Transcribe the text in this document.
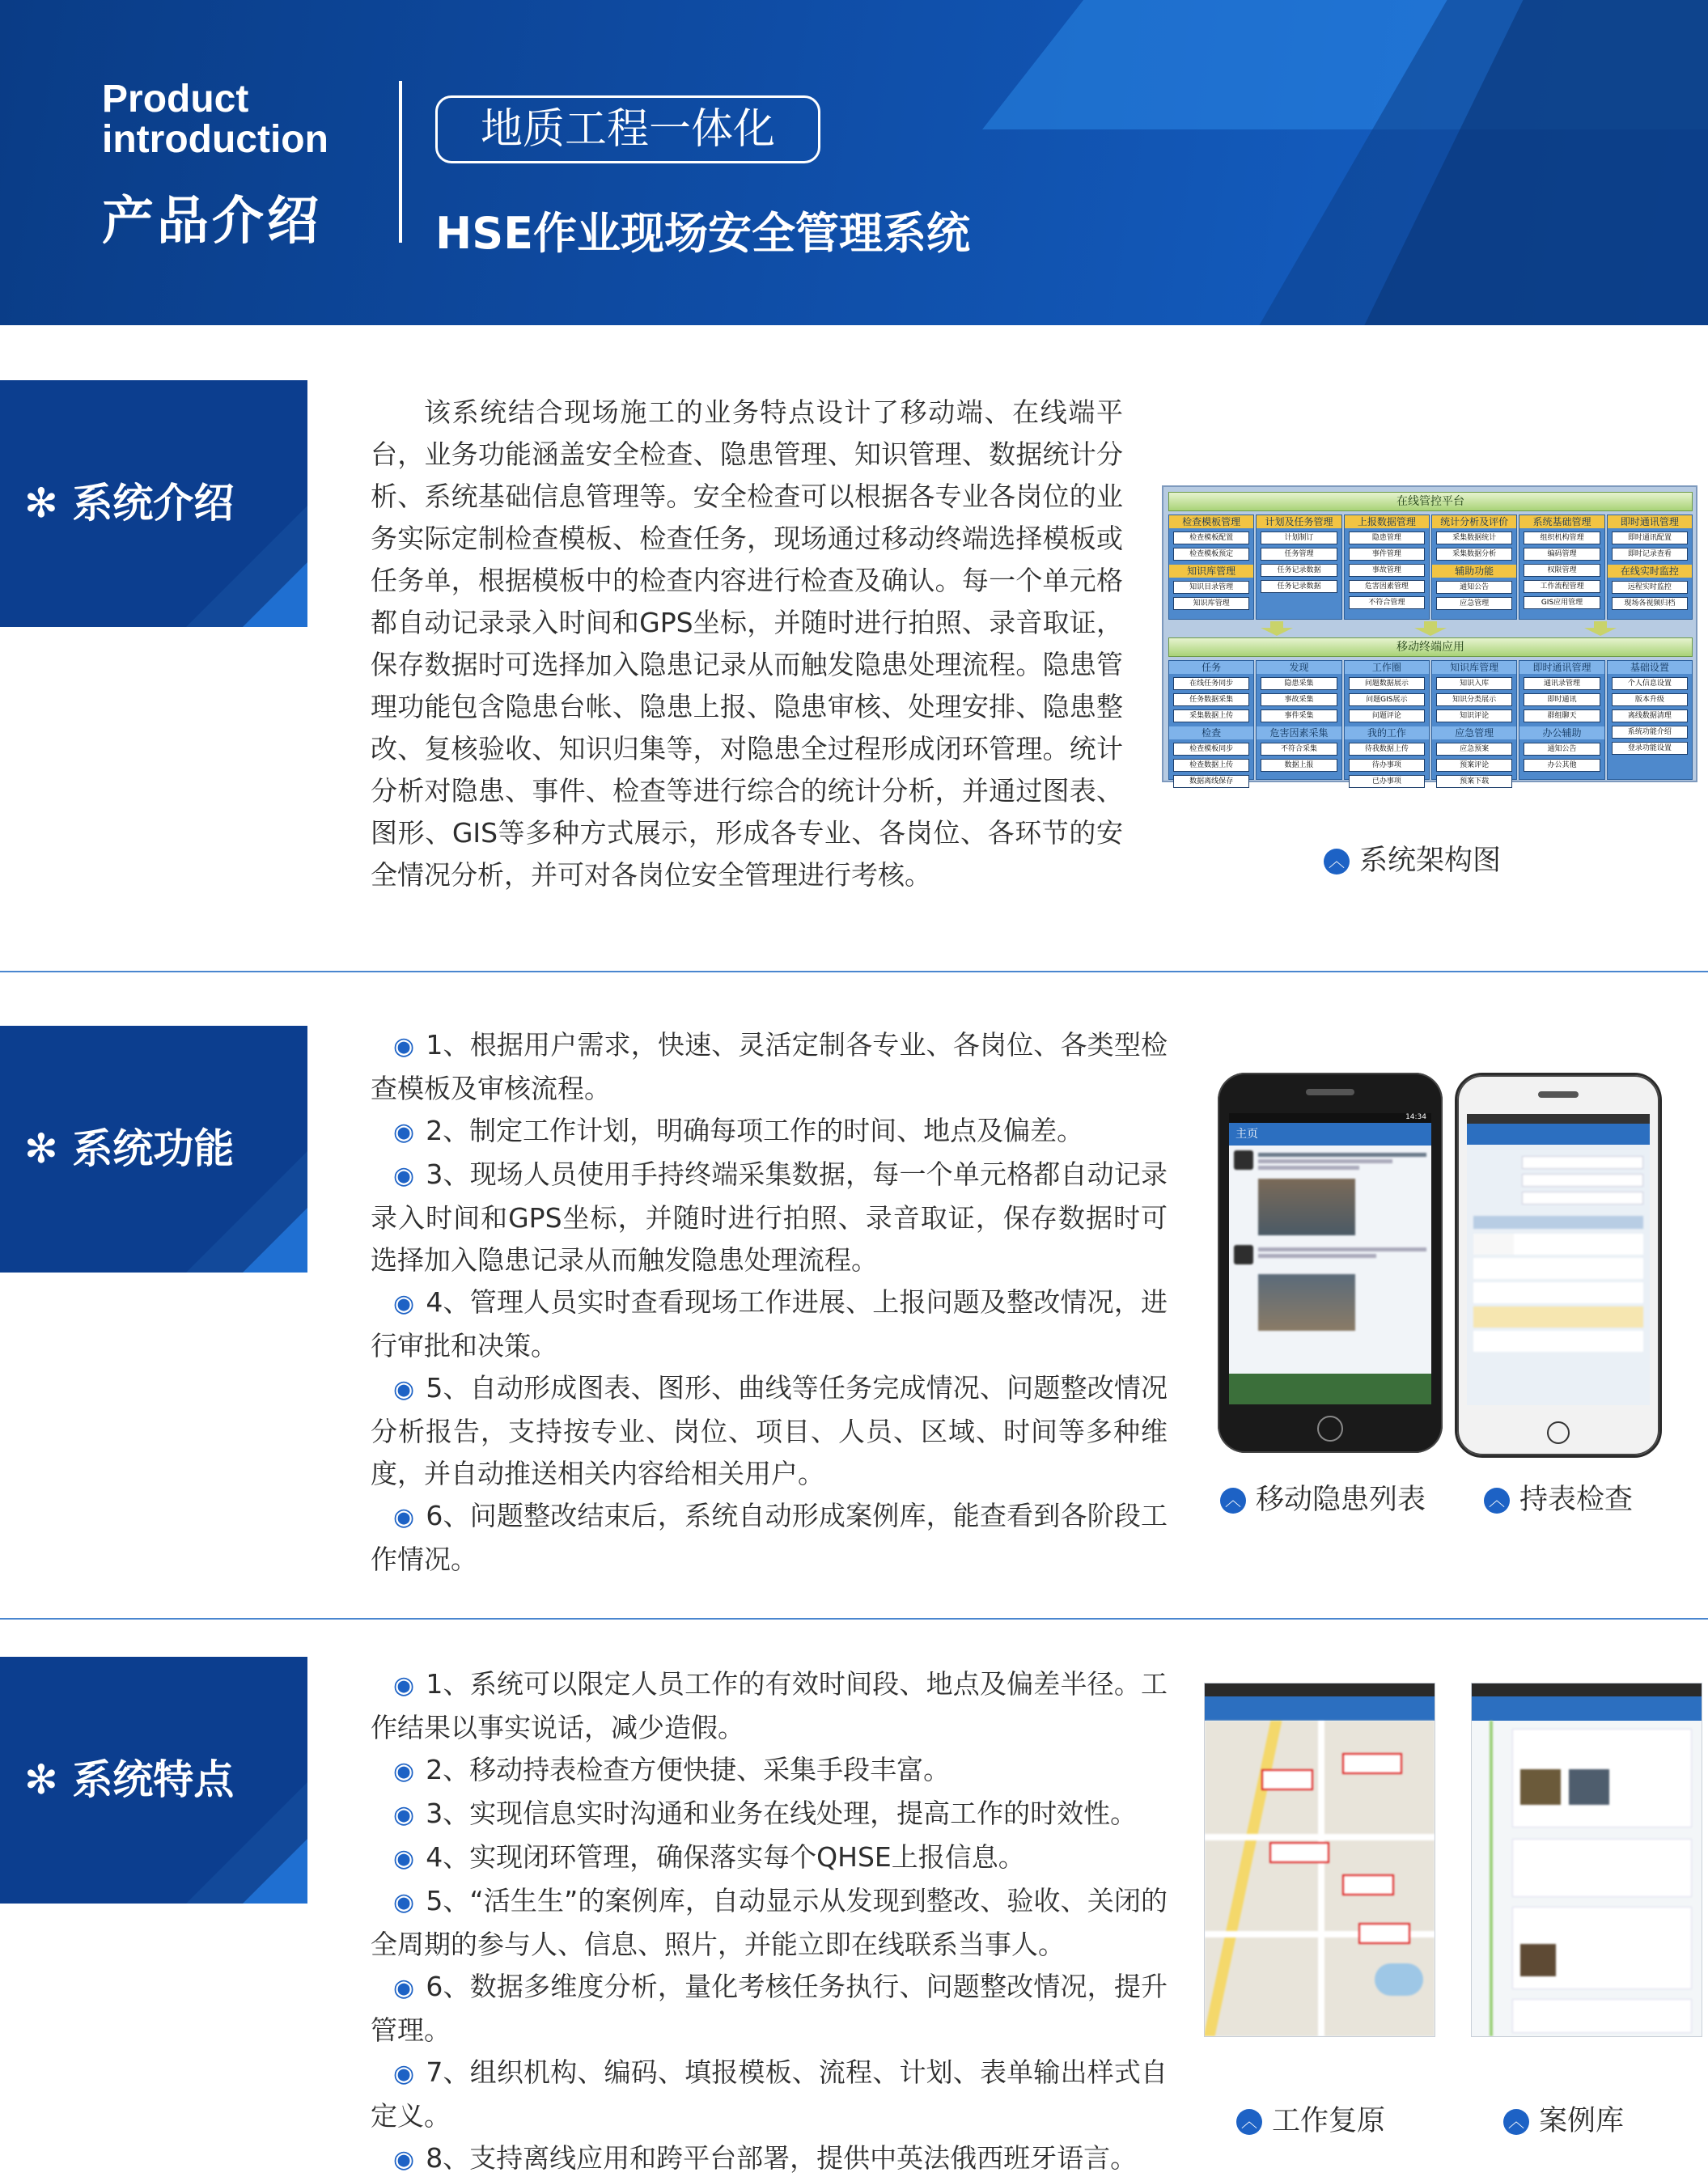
Product
introduction
产品介绍
地质工程一体化
HSE作业现场安全管理系统
✻ 系统介绍

该系统结合现场施工的业务特点设计了移动端、在线端平台，业务功能涵盖安全检查、隐患管理、知识管理、数据统计分析、系统基础信息管理等。安全检查可以根据各专业各岗位的业务实际定制检查模板、检查任务，现场通过移动终端选择模板或任务单，根据模板中的检查内容进行检查及确认。每一个单元格都自动记录录入时间和GPS坐标，并随时进行拍照、录音取证，保存数据时可选择加入隐患记录从而触发隐患处理流程。隐患管理功能包含隐患台帐、隐患上报、隐患审核、处理安排、隐患整改、复核验收、知识归集等，对隐患全过程形成闭环管理。统计分析对隐患、事件、检查等进行综合的统计分析，并通过图表、图形、GIS等多种方式展示，形成各专业、各岗位、各环节的安全情况分析，并可对各岗位安全管理进行考核。

在线管控平台
移动终端应用
检查模板管理
检查模板配置
检查模板预定
知识库管理
知识目录管理
知识库管理
计划及任务管理
计划制订
任务管理
任务记录数据
任务记录数据
上报数据管理
隐患管理
事件管理
事故管理
危害因素管理
不符合管理
统计分析及评价
采集数据统计
采集数据分析
辅助功能
通知公告
应急管理
系统基础管理
组织机构管理
编码管理
权限管理
工作流程管理
GIS应用管理
即时通讯管理
即时通讯配置
即时记录查看
在线实时监控
远程实时监控
现场各视频归档
任务
在线任务同步
任务数据采集
采集数据上传
检查
检查模板同步
检查数据上传
数据离线保存
发现
隐患采集
事故采集
事件采集
危害因素采集
不符合采集
数据上报
工作圈
问题数据展示
问题GIS展示
问题评论
我的工作
待我数据上传
待办事项
已办事项
知识库管理
知识入库
知识分类展示
知识评论
应急管理
应急预案
预案评论
预案下载
即时通讯管理
通讯录管理
即时通讯
群组聊天
办公辅助
通知公告
办公其他
基础设置
个人信息设置
版本升级
离线数据清理
系统功能介绍
登录功能设置
︿ 系统架构图
✻ 系统功能

◉ 1、根据用户需求，快速、灵活定制各专业、各岗位、各类型检查模板及审核流程。

◉ 2、制定工作计划，明确每项工作的时间、地点及偏差。

◉ 3、现场人员使用手持终端采集数据，每一个单元格都自动记录录入时间和GPS坐标，并随时进行拍照、录音取证，保存数据时可选择加入隐患记录从而触发隐患处理流程。

◉ 4、管理人员实时查看现场工作进展、上报问题及整改情况，进行审批和决策。

◉ 5、自动形成图表、图形、曲线等任务完成情况、问题整改情况分析报告，支持按专业、岗位、项目、人员、区域、时间等多种维度，并自动推送相关内容给相关用户。

◉ 6、问题整改结束后，系统自动形成案例库，能查看到各阶段工作情况。

14:34
主页
︿ 移动隐患列表	︿ 持表检查
✻ 系统特点

◉ 1、系统可以限定人员工作的有效时间段、地点及偏差半径。工作结果以事实说话，减少造假。

◉ 2、移动持表检查方便快捷、采集手段丰富。

◉ 3、实现信息实时沟通和业务在线处理，提高工作的时效性。

◉ 4、实现闭环管理，确保落实每个QHSE上报信息。

◉ 5、“活生生”的案例库，自动显示从发现到整改、验收、关闭的全周期的参与人、信息、照片，并能立即在线联系当事人。

◉ 6、数据多维度分析，量化考核任务执行、问题整改情况，提升管理。

◉ 7、组织机构、编码、填报模板、流程、计划、表单输出样式自定义。

◉ 8、支持离线应用和跨平台部署，提供中英法俄西班牙语言。

︿ 工作复原	︿ 案例库
